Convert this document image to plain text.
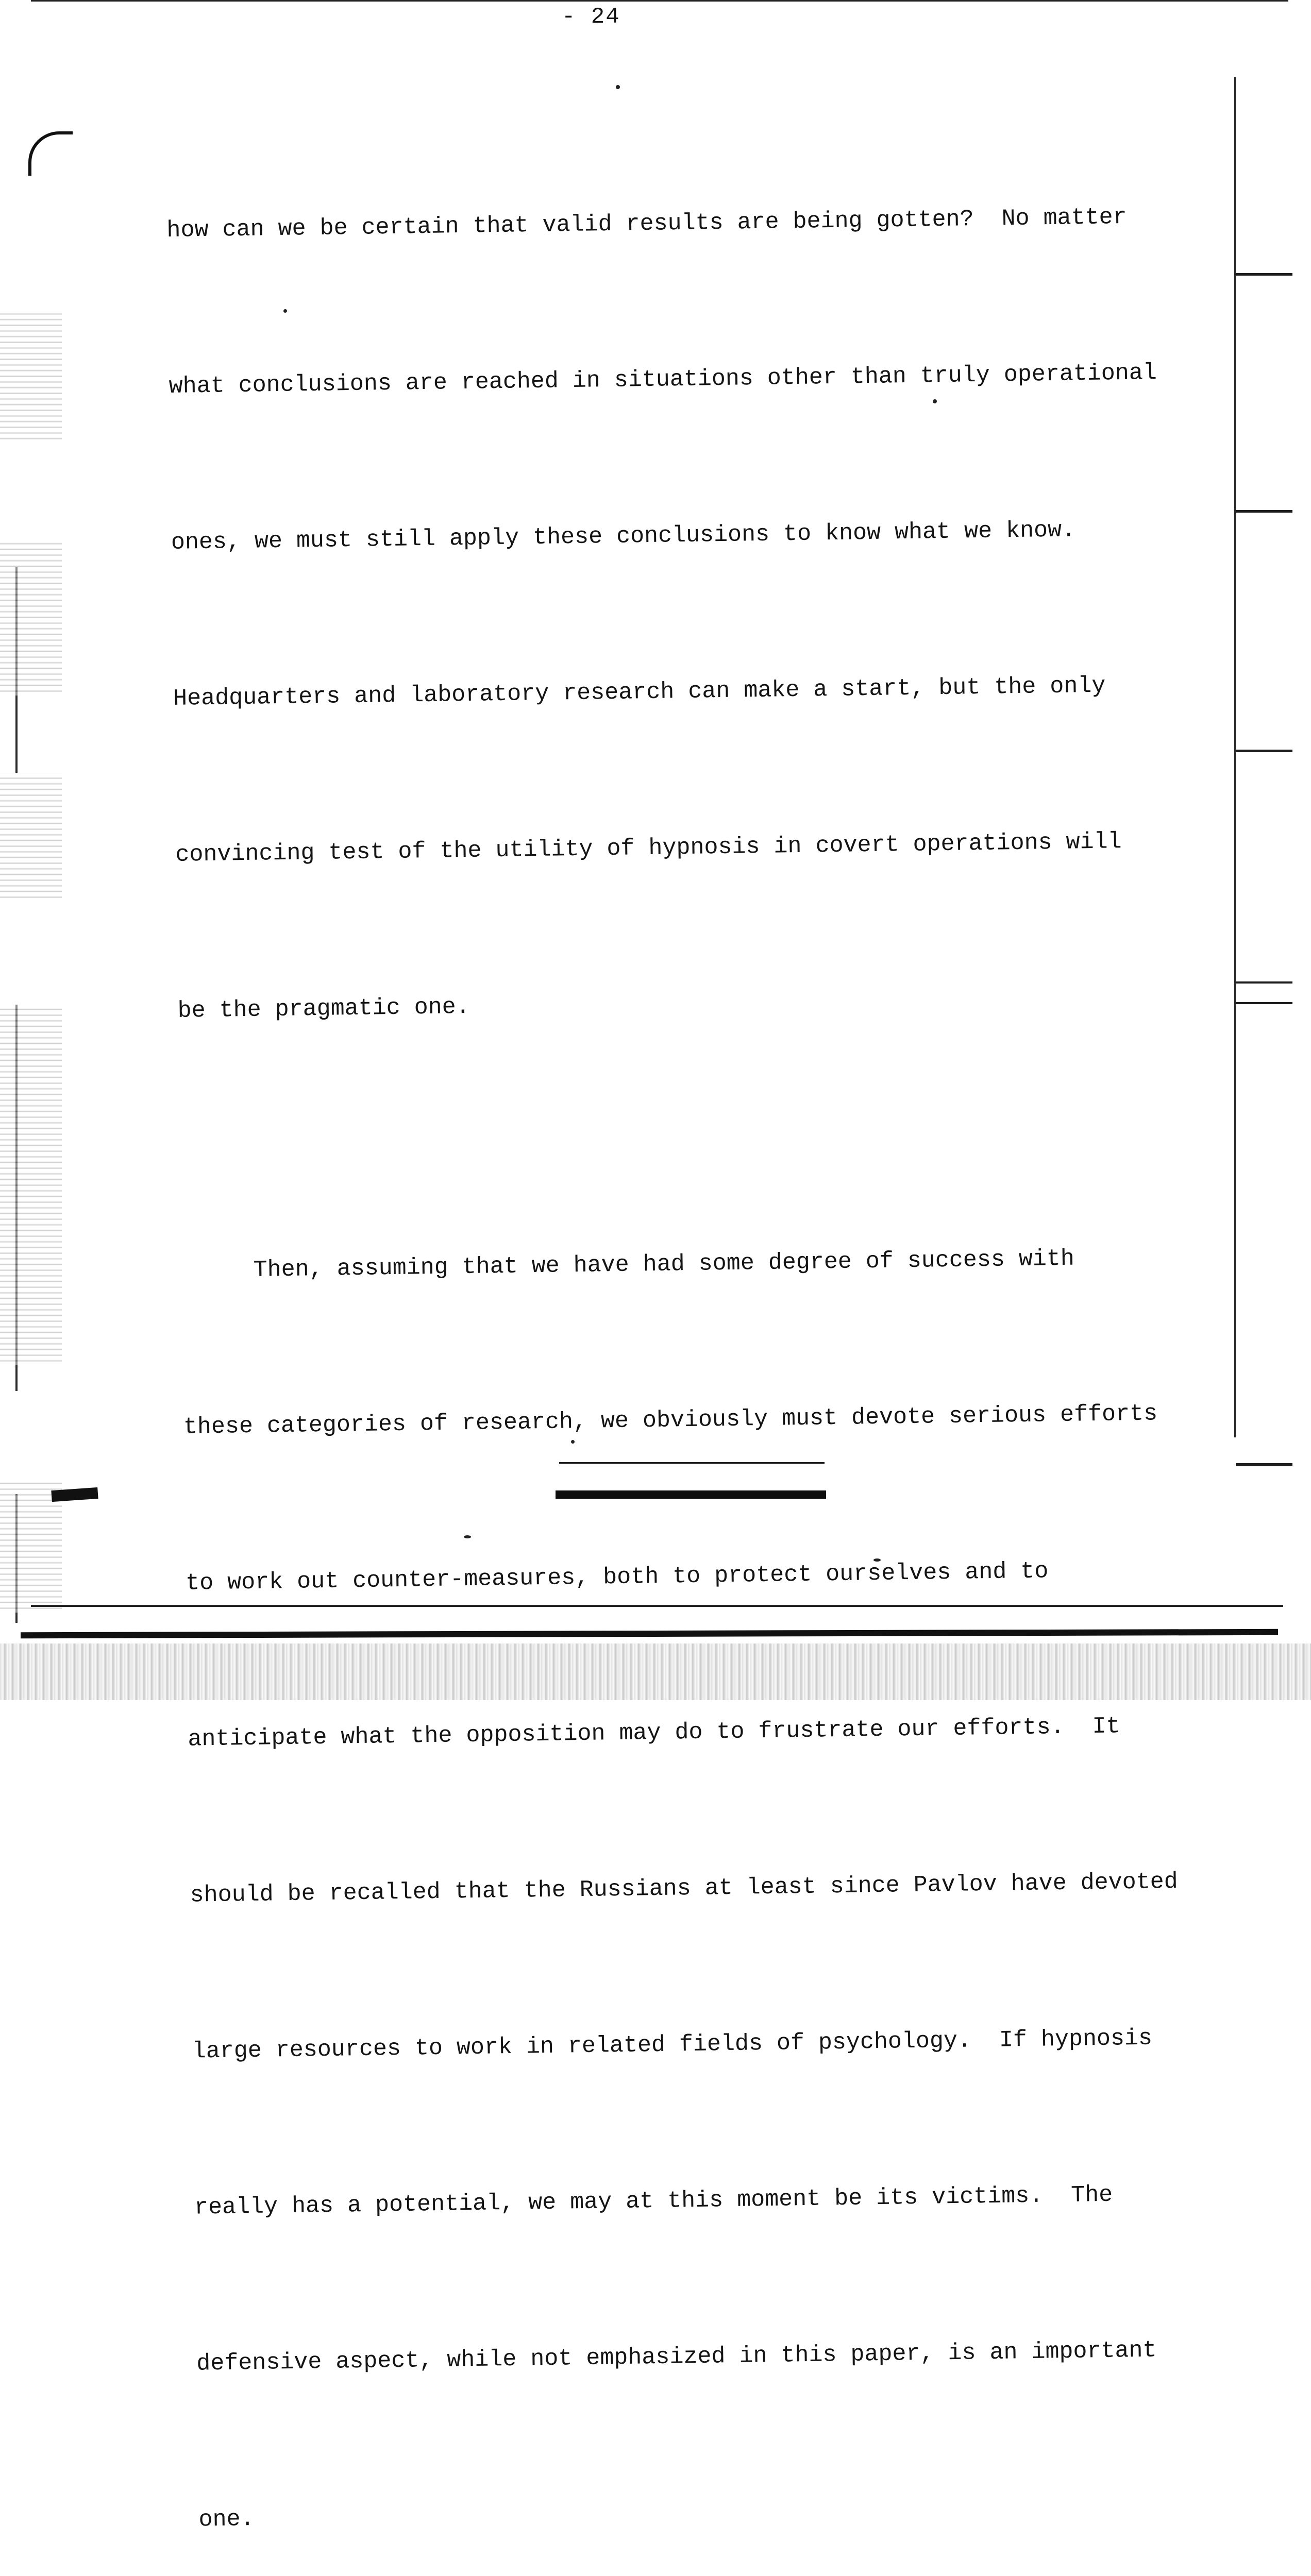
- 24

how can we be certain that valid results are being gotten?  No matter

what conclusions are reached in situations other than truly operational

ones, we must still apply these conclusions to know what we know.

Headquarters and laboratory research can make a start, but the only

convincing test of the utility of hypnosis in covert operations will

be the pragmatic one.

Then, assuming that we have had some degree of success with

these categories of research, we obviously must devote serious efforts

to work out counter-measures, both to protect ourselves and to

anticipate what the opposition may do to frustrate our efforts.  It

should be recalled that the Russians at least since Pavlov have devoted

large resources to work in related fields of psychology.  If hypnosis

really has a potential, we may at this moment be its victims.  The

defensive aspect, while not emphasized in this paper, is an important

one.
